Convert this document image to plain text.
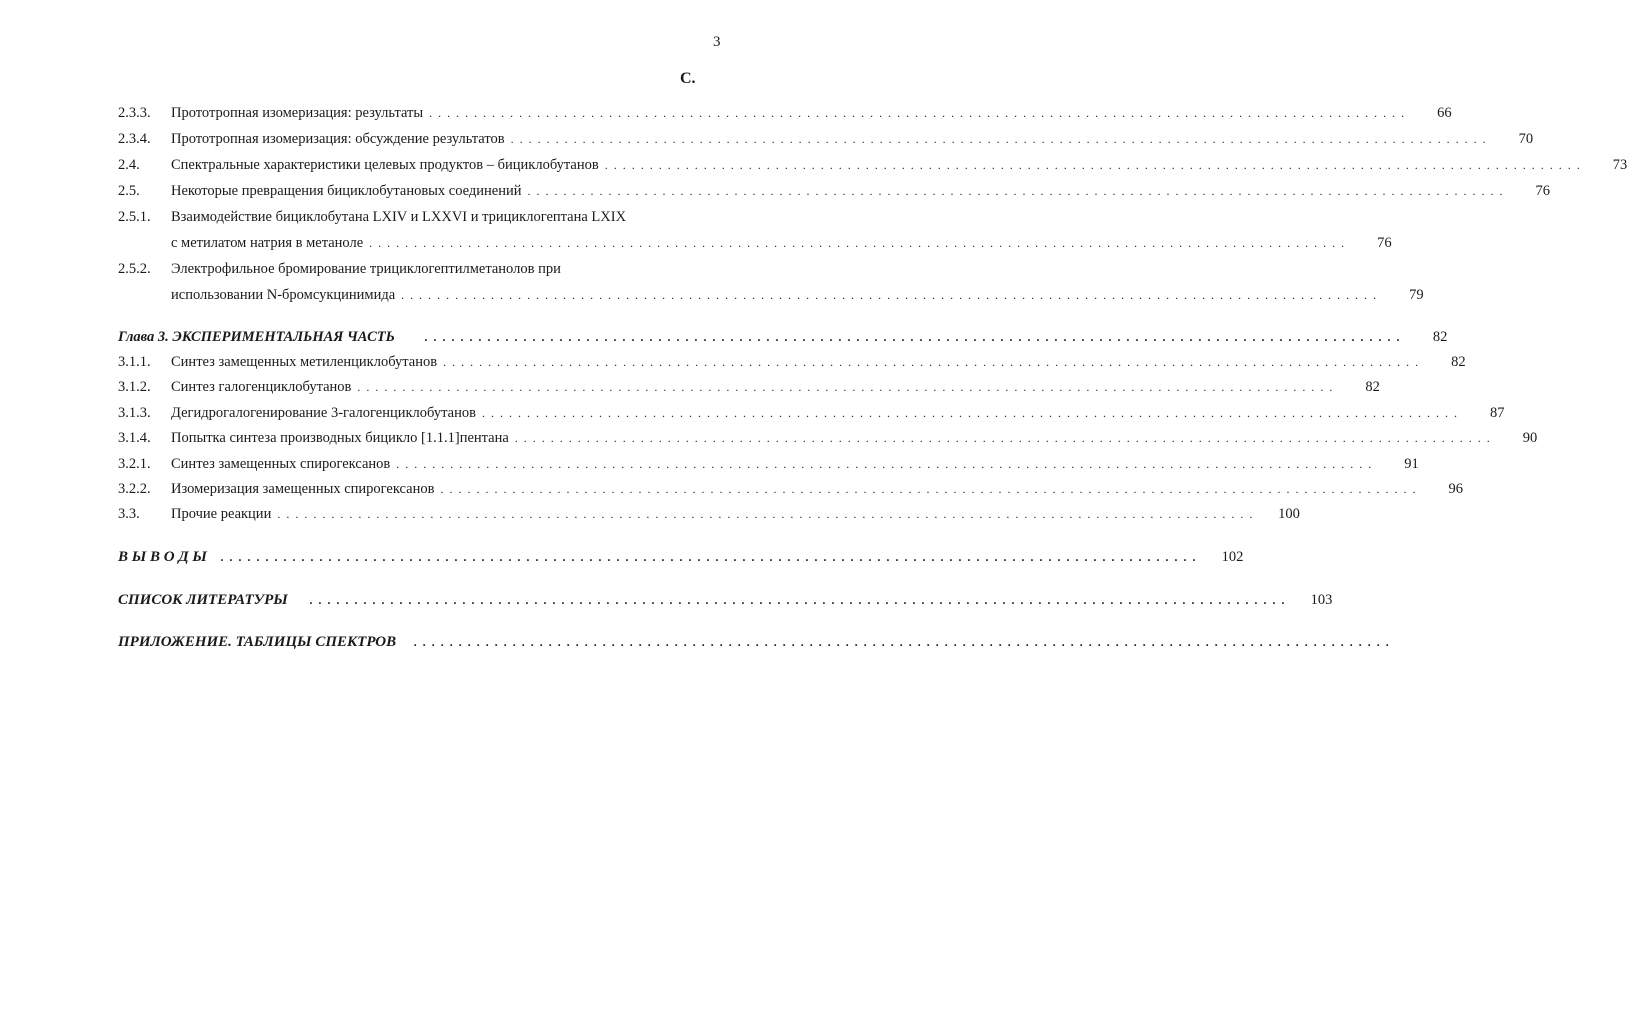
3
С.
2.3.3.	Прототропная изомеризация: результаты . . .	66
2.3.4.	Прототропная изомеризация: обсуждение результатов . . .	70
2.4.	Спектральные характеристики целевых продуктов – бициклобутанов . . .	73
2.5.	Некоторые превращения бициклобутановых соединений . . .	76
2.5.1.	Взаимодействие бициклобутана LXIV и LXXVI и трициклогептана LXIX
с метилатом натрия в метаноле . . .	76
2.5.2.	Электрофильное бромирование трициклогептилметанолов при
использовании N-бромсукцинимида . . .	79
Глава 3. ЭКСПЕРИМЕНТАЛЬНАЯ ЧАСТЬ . . .	82
3.1.1.	Синтез замещенных метиленциклобутанов . . .	82
3.1.2.	Синтез галогенциклобутанов . . .	82
3.1.3.	Дегидрогалогенирование 3-галогенциклобутанов . . .	87
3.1.4.	Попытка синтеза производных бицикло [1.1.1]пентана . . .	90
3.2.1.	Синтез замещенных спирогексанов . . .	91
3.2.2.	Изомеризация замещенных спирогексанов . . .	96
3.3.	Прочие реакции . . .	100
В Ы В О Д Ы . . .	102
СПИСОК ЛИТЕРАТУРЫ . . .	103
ПРИЛОЖЕНИЕ. ТАБЛИЦЫ СПЕКТРОВ
. . .
